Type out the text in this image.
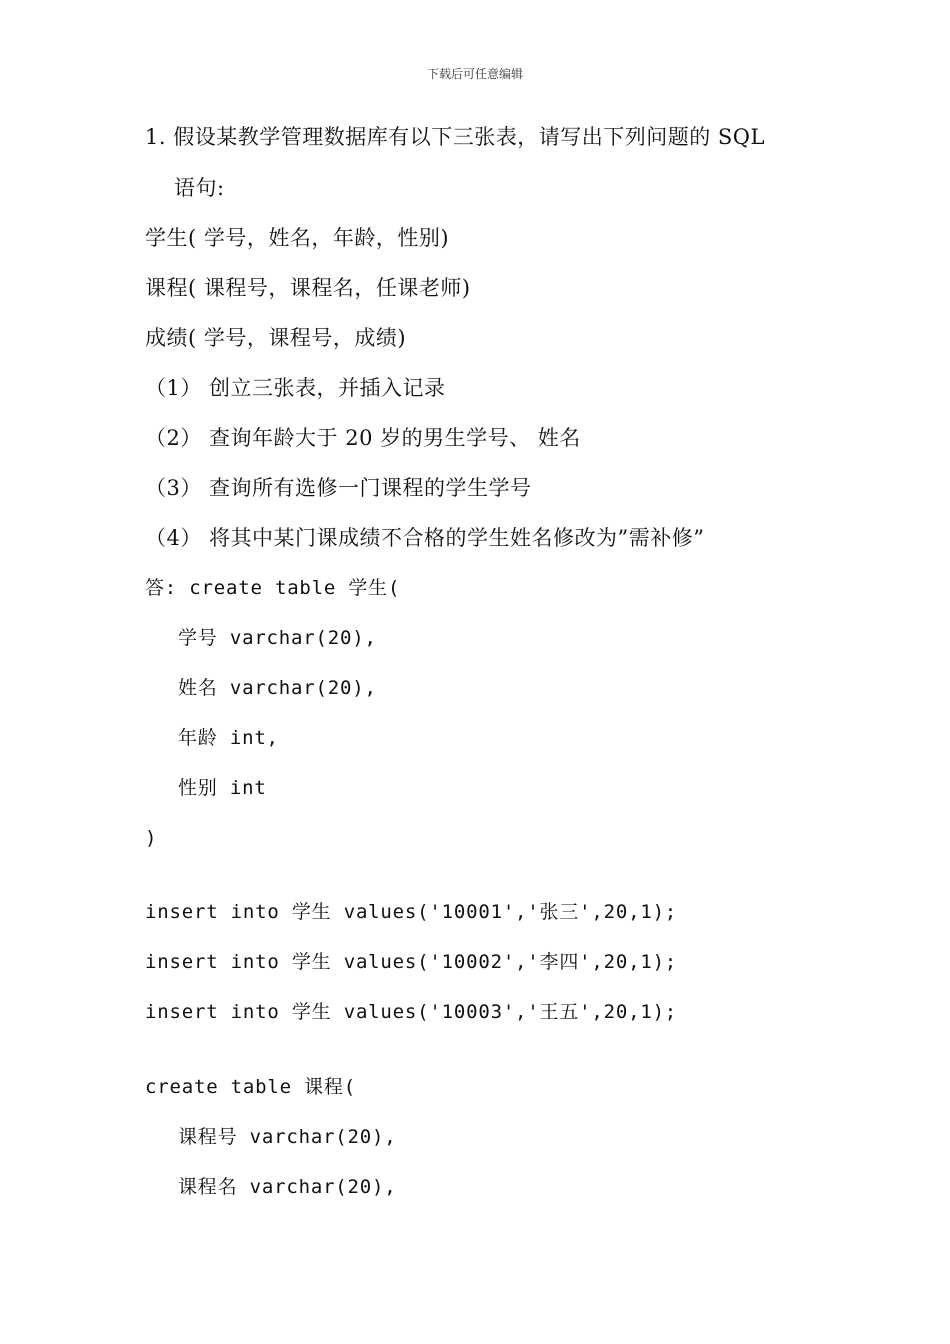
下载后可任意编辑
1. 假设某教学管理数据库有以下三张表，请写出下列问题的 SQL
语句:
学生( 学号，姓名，年龄，性别)
课程( 课程号，课程名，任课老师)
成绩( 学号，课程号，成绩)
（1） 创立三张表，并插入记录
（2） 查询年龄大于 20 岁的男生学号、 姓名
（3） 查询所有选修一门课程的学生学号
（4） 将其中某门课成绩不合格的学生姓名修改为”需补修”
答: create table 学生(
学号 varchar(20),
姓名 varchar(20),
年龄 int,
性别 int
)
insert into 学生 values('10001','张三',20,1);
insert into 学生 values('10002','李四',20,1);
insert into 学生 values('10003','王五',20,1);
create table 课程(
课程号 varchar(20),
课程名 varchar(20),
